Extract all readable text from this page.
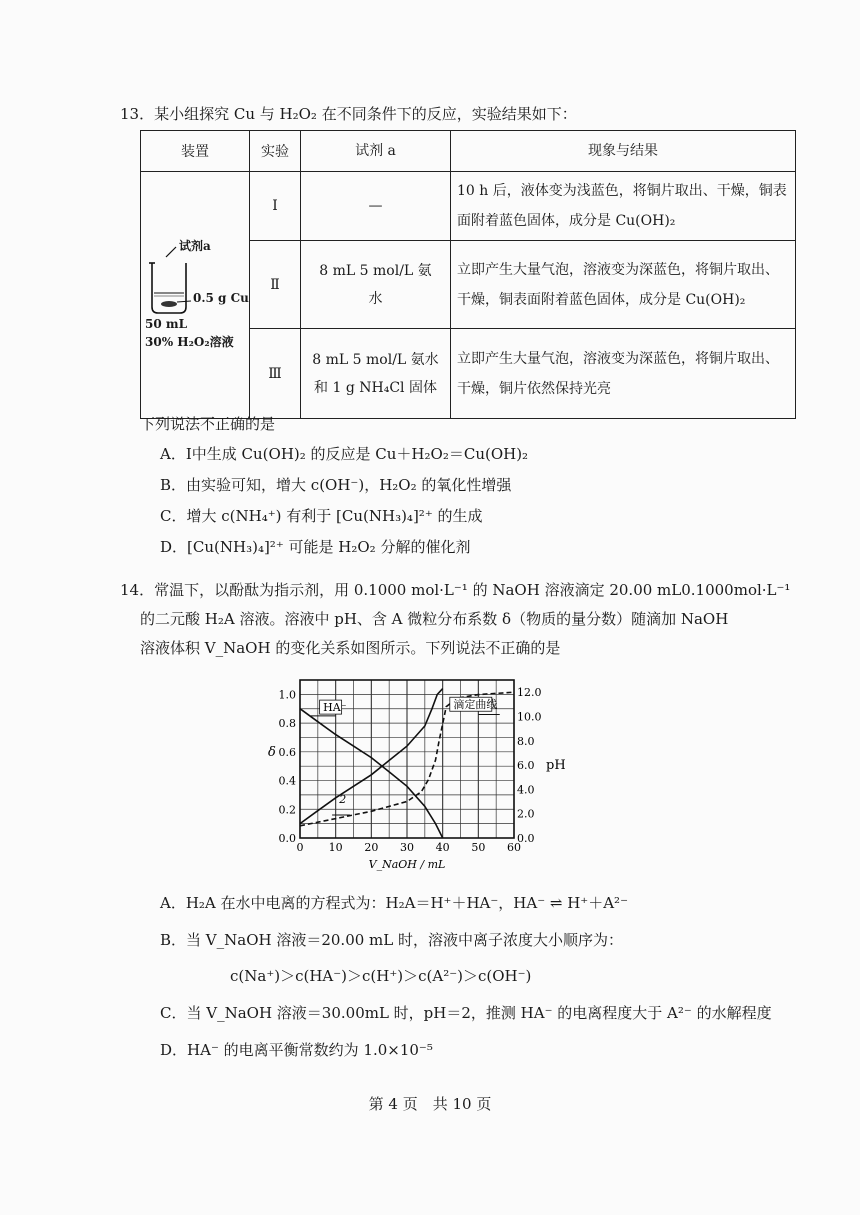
13．某小组探究 Cu 与 H₂O₂ 在不同条件下的反应，实验结果如下：
装置	实验	试剂 a	现象与结果

试剂a
0.5 g Cu
50 mL
30% H₂O₂溶液	Ⅰ	—	10 h 后，液体变为浅蓝色，将铜片取出、干燥，铜表面附着蓝色固体，成分是 Cu(OH)₂
	Ⅱ	8 mL 5 mol/L 氨水	立即产生大量气泡，溶液变为深蓝色，将铜片取出、干燥，铜表面附着蓝色固体，成分是 Cu(OH)₂
	Ⅲ	8 mL 5 mol/L 氨水和 1 g NH₄Cl 固体	立即产生大量气泡，溶液变为深蓝色，将铜片取出、干燥，铜片依然保持光亮
下列说法不正确的是
A．Ⅰ中生成 Cu(OH)₂ 的反应是 Cu＋H₂O₂＝Cu(OH)₂
B．由实验可知，增大 c(OH⁻)，H₂O₂ 的氧化性增强
C．增大 c(NH₄⁺) 有利于 [Cu(NH₃)₄]²⁺ 的生成
D．[Cu(NH₃)₄]²⁺ 可能是 H₂O₂ 分解的催化剂
14．常温下，以酚酞为指示剂，用 0.1000 mol·L⁻¹ 的 NaOH 溶液滴定 20.00 mL0.1000mol·L⁻¹
的二元酸 H₂A 溶液。溶液中 pH、含 A 微粒分布系数 δ（物质的量分数）随滴加 NaOH
溶液体积 V_NaOH 的变化关系如图所示。下列说法不正确的是
0 10 20 30 40 50 60
0.0
0.2
0.4
0.6
0.8
1.0
0.0
2.0
4.0
6.0
8.0
10.0
12.0
V_NaOH / mL
δ
pH
HA⁻	滴定曲线
2
A．H₂A 在水中电离的方程式为：H₂A＝H⁺＋HA⁻，HA⁻ ⇌ H⁺＋A²⁻
B．当 V_NaOH 溶液＝20.00 mL 时，溶液中离子浓度大小顺序为：
c(Na⁺)＞c(HA⁻)＞c(H⁺)＞c(A²⁻)＞c(OH⁻)
C．当 V_NaOH 溶液＝30.00mL 时，pH＝2，推测 HA⁻ 的电离程度大于 A²⁻ 的水解程度
D．HA⁻ 的电离平衡常数约为 1.0×10⁻⁵
第 4 页　共 10 页
